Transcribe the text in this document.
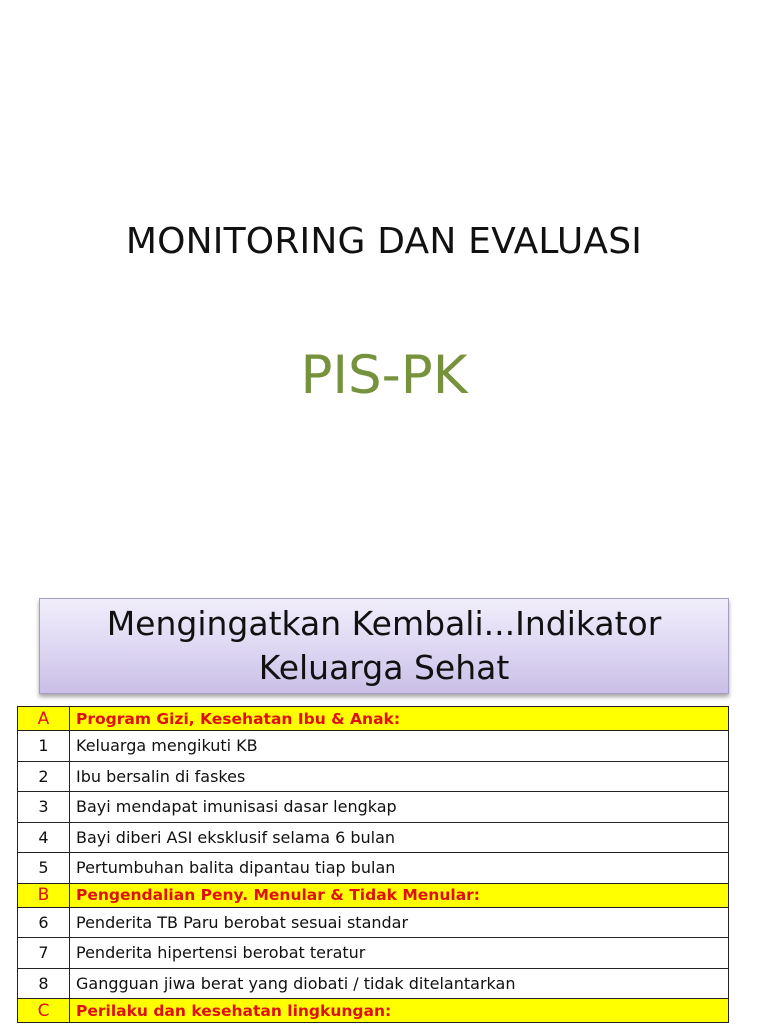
MONITORING DAN EVALUASI
PIS-PK
Mengingatkan Kembali...Indikator
Keluarga Sehat
A	Program Gizi, Kesehatan Ibu & Anak:
1	Keluarga mengikuti KB
2	Ibu bersalin di faskes
3	Bayi mendapat imunisasi dasar lengkap
4	Bayi diberi ASI eksklusif selama 6 bulan
5	Pertumbuhan balita dipantau tiap bulan
B	Pengendalian Peny. Menular & Tidak Menular:
6	Penderita TB Paru berobat sesuai standar
7	Penderita hipertensi berobat teratur
8	Gangguan jiwa berat yang diobati / tidak ditelantarkan
C	Perilaku dan kesehatan lingkungan:
